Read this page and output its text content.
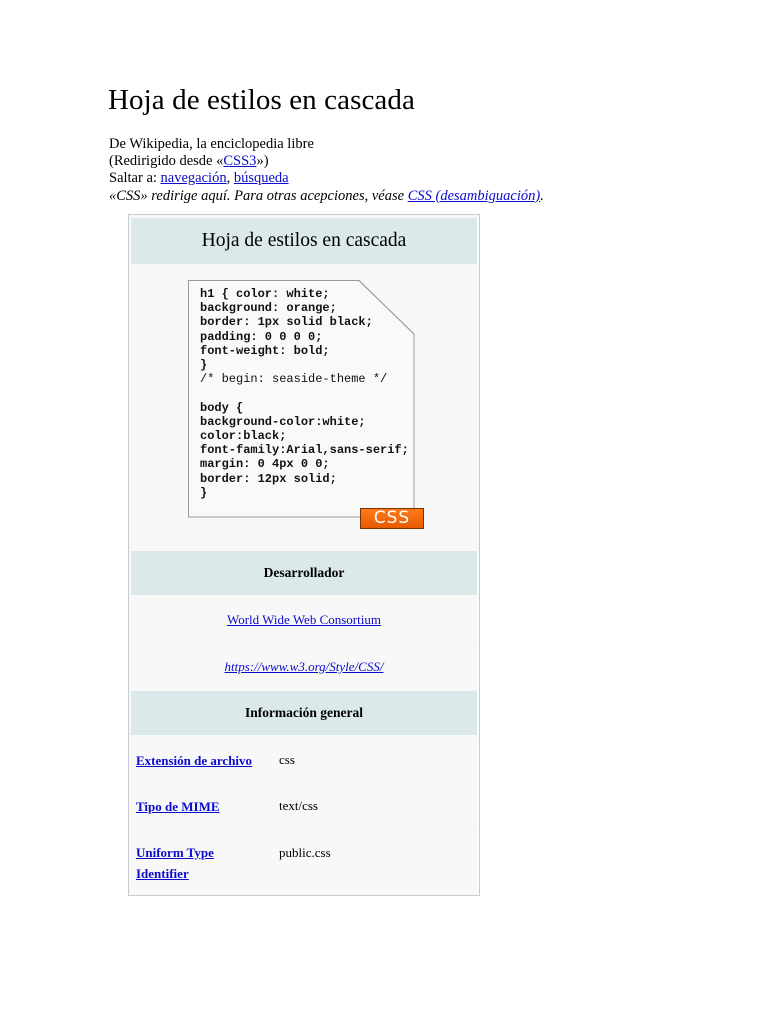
Hoja de estilos en cascada
De Wikipedia, la enciclopedia libre
(Redirigido desde «CSS3»)
Saltar a: navegación, búsqueda
«CSS» redirige aquí. Para otras acepciones, véase CSS (desambiguación).
Hoja de estilos en cascada
h1 { color: white;
background: orange;
border: 1px solid black;
padding: 0 0 0 0;
font-weight: bold;
}
/* begin: seaside-theme */

body {
background-color:white;
color:black;
font-family:Arial,sans-serif;
margin: 0 4px 0 0;
border: 12px solid;
}

CSS
Desarrollador
World Wide Web Consortium
https://www.w3.org/Style/CSS/
Información general
Extensión de archivo css
Tipo de MIME	text/css
Uniform Type Identifier
public.css
